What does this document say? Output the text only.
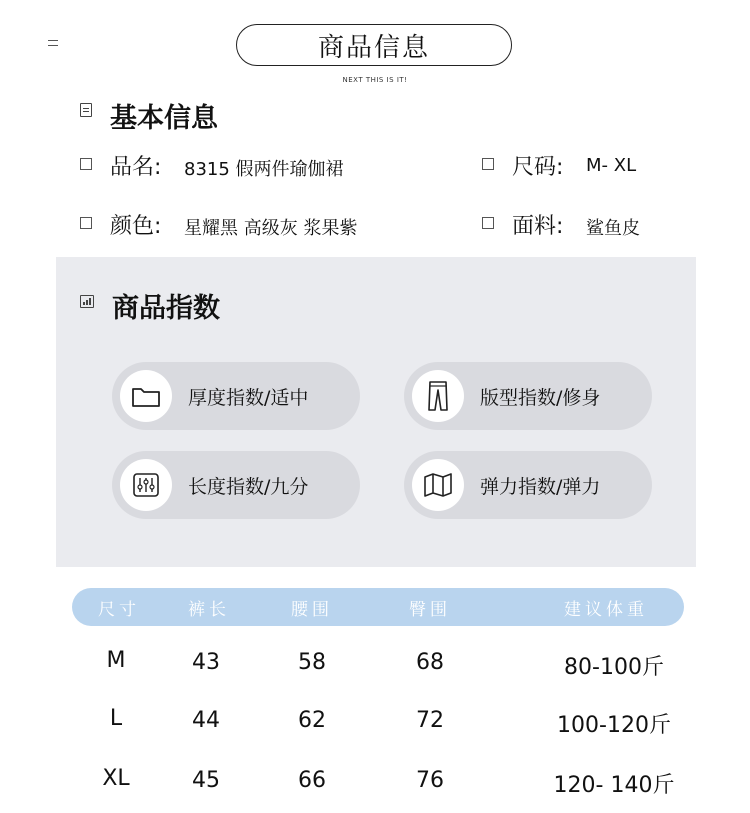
商品信息
NEXT THIS IS IT!
基本信息
品名: 8315 假两件瑜伽裙	尺码: M- XL
颜色: 星耀黑 高级灰 浆果紫	面料: 鲨鱼皮
商品指数
厚度指数/适中	版型指数/修身
长度指数/九分	弹力指数/弹力
尺寸	裤长	腰围	臀围	建议体重
M	43	58	68	80-100斤
L	44	62	72	100-120斤
XL	45	66	76	120- 140斤
